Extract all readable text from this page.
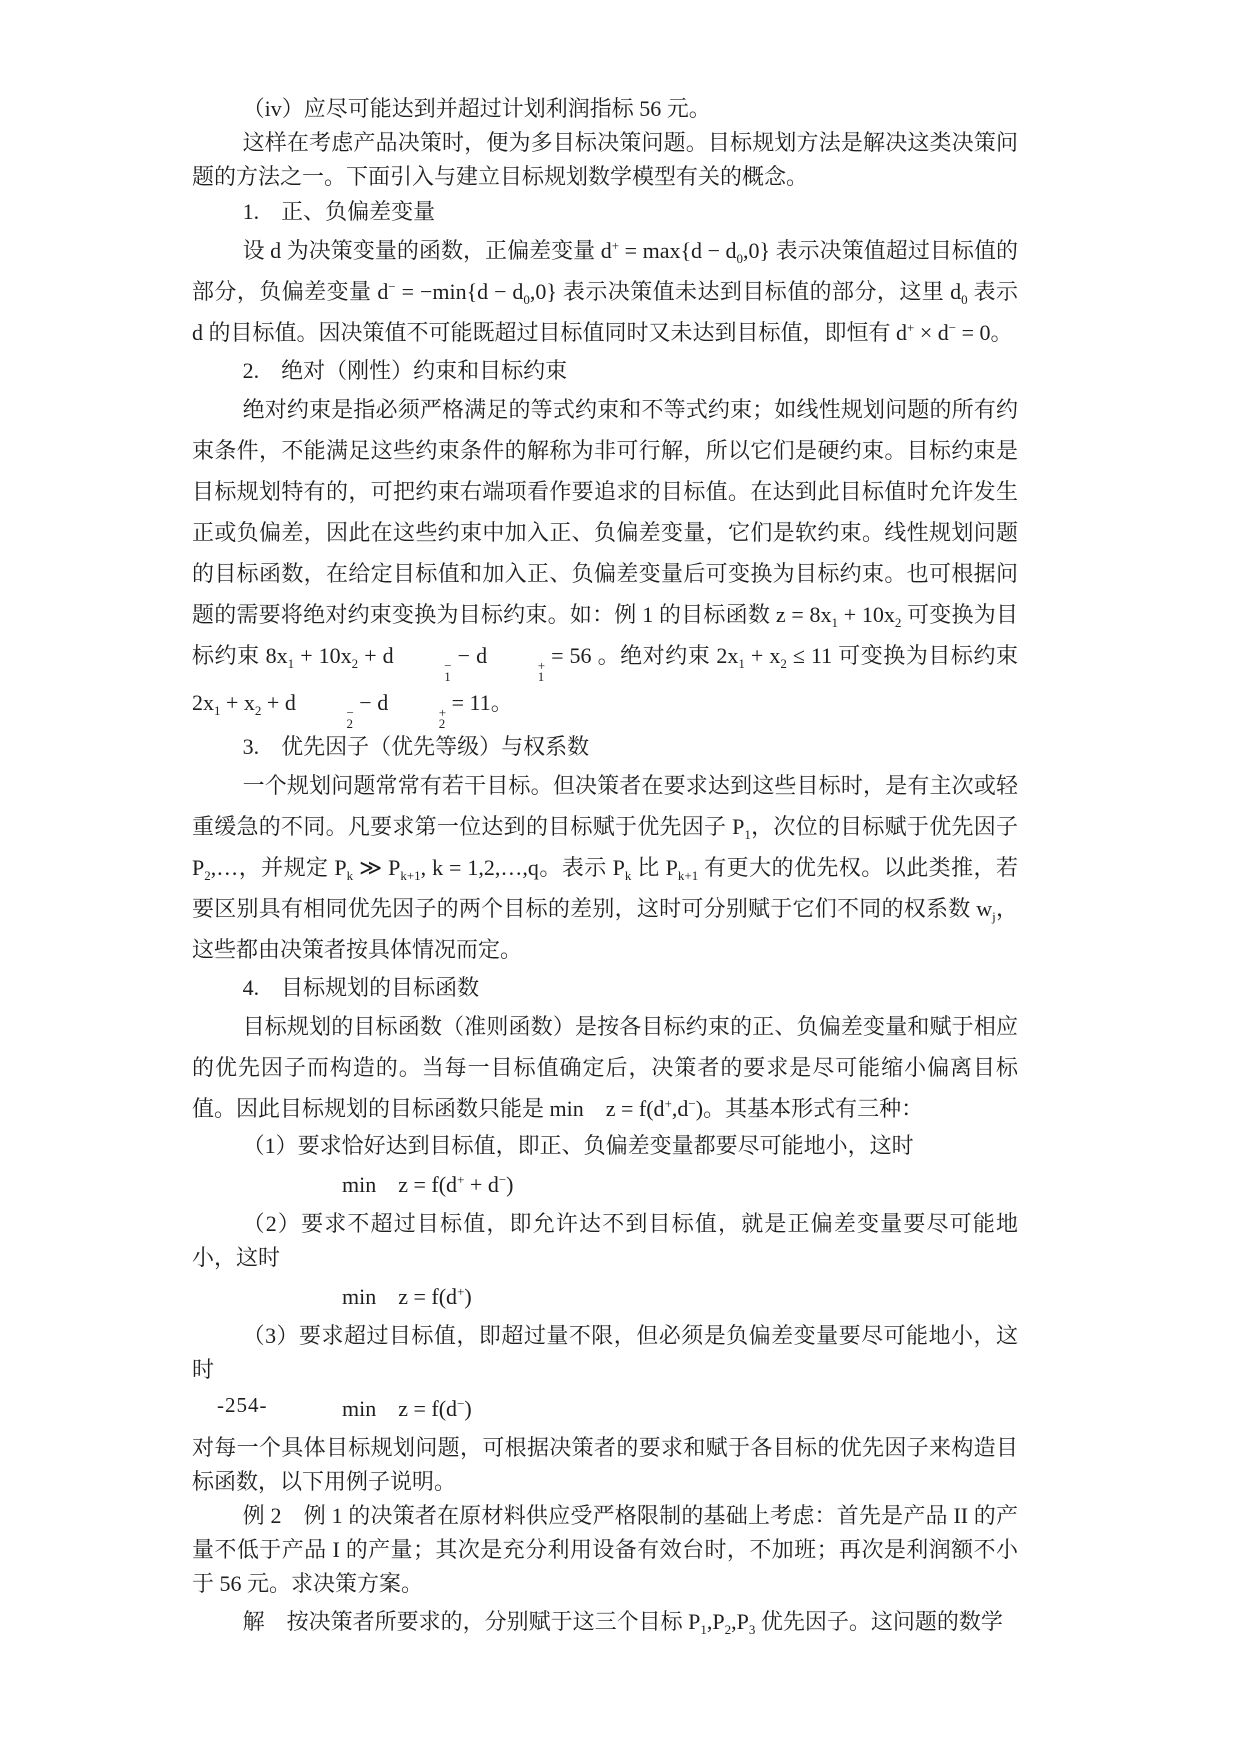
（iv）应尽可能达到并超过计划利润指标 56 元。

这样在考虑产品决策时，便为多目标决策问题。目标规划方法是解决这类决策问题的方法之一。下面引入与建立目标规划数学模型有关的概念。

1. 正、负偏差变量

设 d 为决策变量的函数，正偏差变量 $d^+ = \max\{d - d_0,0\}$ 表示决策值超过目标值的部分，负偏差变量 $d^- = -\min\{d - d_0,0\}$ 表示决策值未达到目标值的部分，这里 $d_0$ 表示 d 的目标值。因决策值不可能既超过目标值同时又未达到目标值，即恒有 d+ × d− = 0。

2. 绝对（刚性）约束和目标约束

绝对约束是指必须严格满足的等式约束和不等式约束；如线性规划问题的所有约束条件，不能满足这些约束条件的解称为非可行解，所以它们是硬约束。目标约束是目标规划特有的，可把约束右端项看作要追求的目标值。在达到此目标值时允许发生正或负偏差，因此在这些约束中加入正、负偏差变量，它们是软约束。线性规划问题的目标函数，在给定目标值和加入正、负偏差变量后可变换为目标约束。也可根据问题的需要将绝对约束变换为目标约束。如：例 1 的目标函数 $z = 8x_1 + 10x_2$ 可变换为目标约束 $8x_1 + 10x_2 + d$	−
1
− d	+
1
= 56 。绝对约束 $2x_1 + x_2 \le 11$ 可变换为目标约束 $2x_1 + x_2 + d$	−
2
− d	+
2
= 11。

3. 优先因子（优先等级）与权系数

一个规划问题常常有若干目标。但决策者在要求达到这些目标时，是有主次或轻重缓急的不同。凡要求第一位达到的目标赋于优先因子 $P_1$，次位的目标赋于优先因子 $P_2,\dots$，并规定 $P_k$ ≫ $P_{k+1}$, k = 1,2,…,q。表示 $P_k$ 比 $P_{k+1}$ 有更大的优先权。以此类推，若要区别具有相同优先因子的两个目标的差别，这时可分别赋于它们不同的权系数 $w_j$，这些都由决策者按具体情况而定。

4. 目标规划的目标函数

目标规划的目标函数（准则函数）是按各目标约束的正、负偏差变量和赋于相应的优先因子而构造的。当每一目标值确定后，决策者的要求是尽可能缩小偏离目标值。因此目标规划的目标函数只能是 min z = f(d+,d−)。其基本形式有三种：

（1）要求恰好达到目标值，即正、负偏差变量都要尽可能地小，这时

min z = f(d+ + d−)

（2）要求不超过目标值，即允许达不到目标值，就是正偏差变量要尽可能地小，这时

min z = f(d+)

（3）要求超过目标值，即超过量不限，但必须是负偏差变量要尽可能地小，这时

min z = f(d−)

对每一个具体目标规划问题，可根据决策者的要求和赋于各目标的优先因子来构造目标函数，以下用例子说明。

例 2 例 1 的决策者在原材料供应受严格限制的基础上考虑：首先是产品 II 的产量不低于产品 I 的产量；其次是充分利用设备有效台时，不加班；再次是利润额不小于 56 元。求决策方案。

解 按决策者所要求的，分别赋于这三个目标 $P_1,P_2,P_3$ 优先因子。这问题的数学

-254-
